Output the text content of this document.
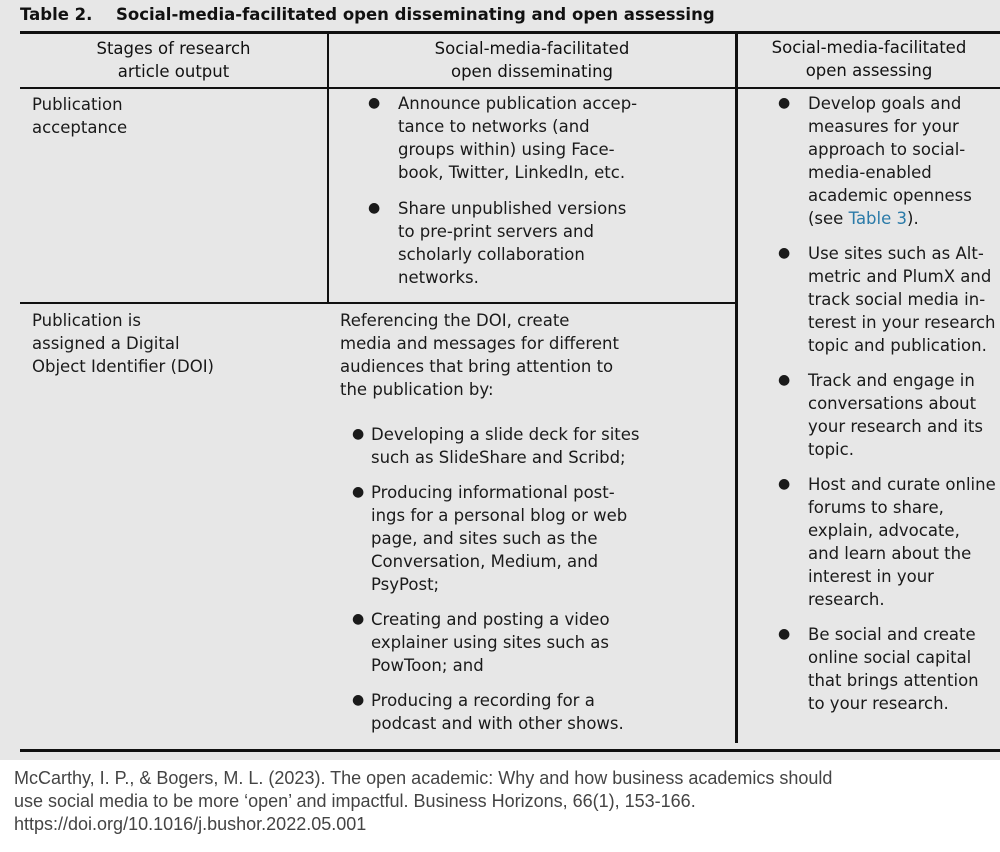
Table 2. Social-media-facilitated open disseminating and open assessing
Stages of research
article output
Social-media-facilitated
open disseminating
Social-media-facilitated
open assessing
Publication
acceptance
● Announce publication accep-
tance to networks (and
groups within) using Face-
book, Twitter, LinkedIn, etc.
● Share unpublished versions
to pre-print servers and
scholarly collaboration
networks.
Publication is
assigned a Digital
Object Identifier (DOI)
Referencing the DOI, create
media and messages for different
audiences that bring attention to
the publication by:
● Developing a slide deck for sites
such as SlideShare and Scribd;
● Producing informational post-
ings for a personal blog or web
page, and sites such as the
Conversation, Medium, and
PsyPost;
● Creating and posting a video
explainer using sites such as
PowToon; and
● Producing a recording for a
podcast and with other shows.
● Develop goals and
measures for your
approach to social-
media-enabled
academic openness
(see Table 3).
● Use sites such as Alt-
metric and PlumX and
track social media in-
terest in your research
topic and publication.
● Track and engage in
conversations about
your research and its
topic.
● Host and curate online
forums to share,
explain, advocate,
and learn about the
interest in your
research.
● Be social and create
online social capital
that brings attention
to your research.
McCarthy, I. P., & Bogers, M. L. (2023). The open academic: Why and how business academics should
use social media to be more ‘open’ and impactful. Business Horizons, 66(1), 153-166.
https://doi.org/10.1016/j.bushor.2022.05.001
